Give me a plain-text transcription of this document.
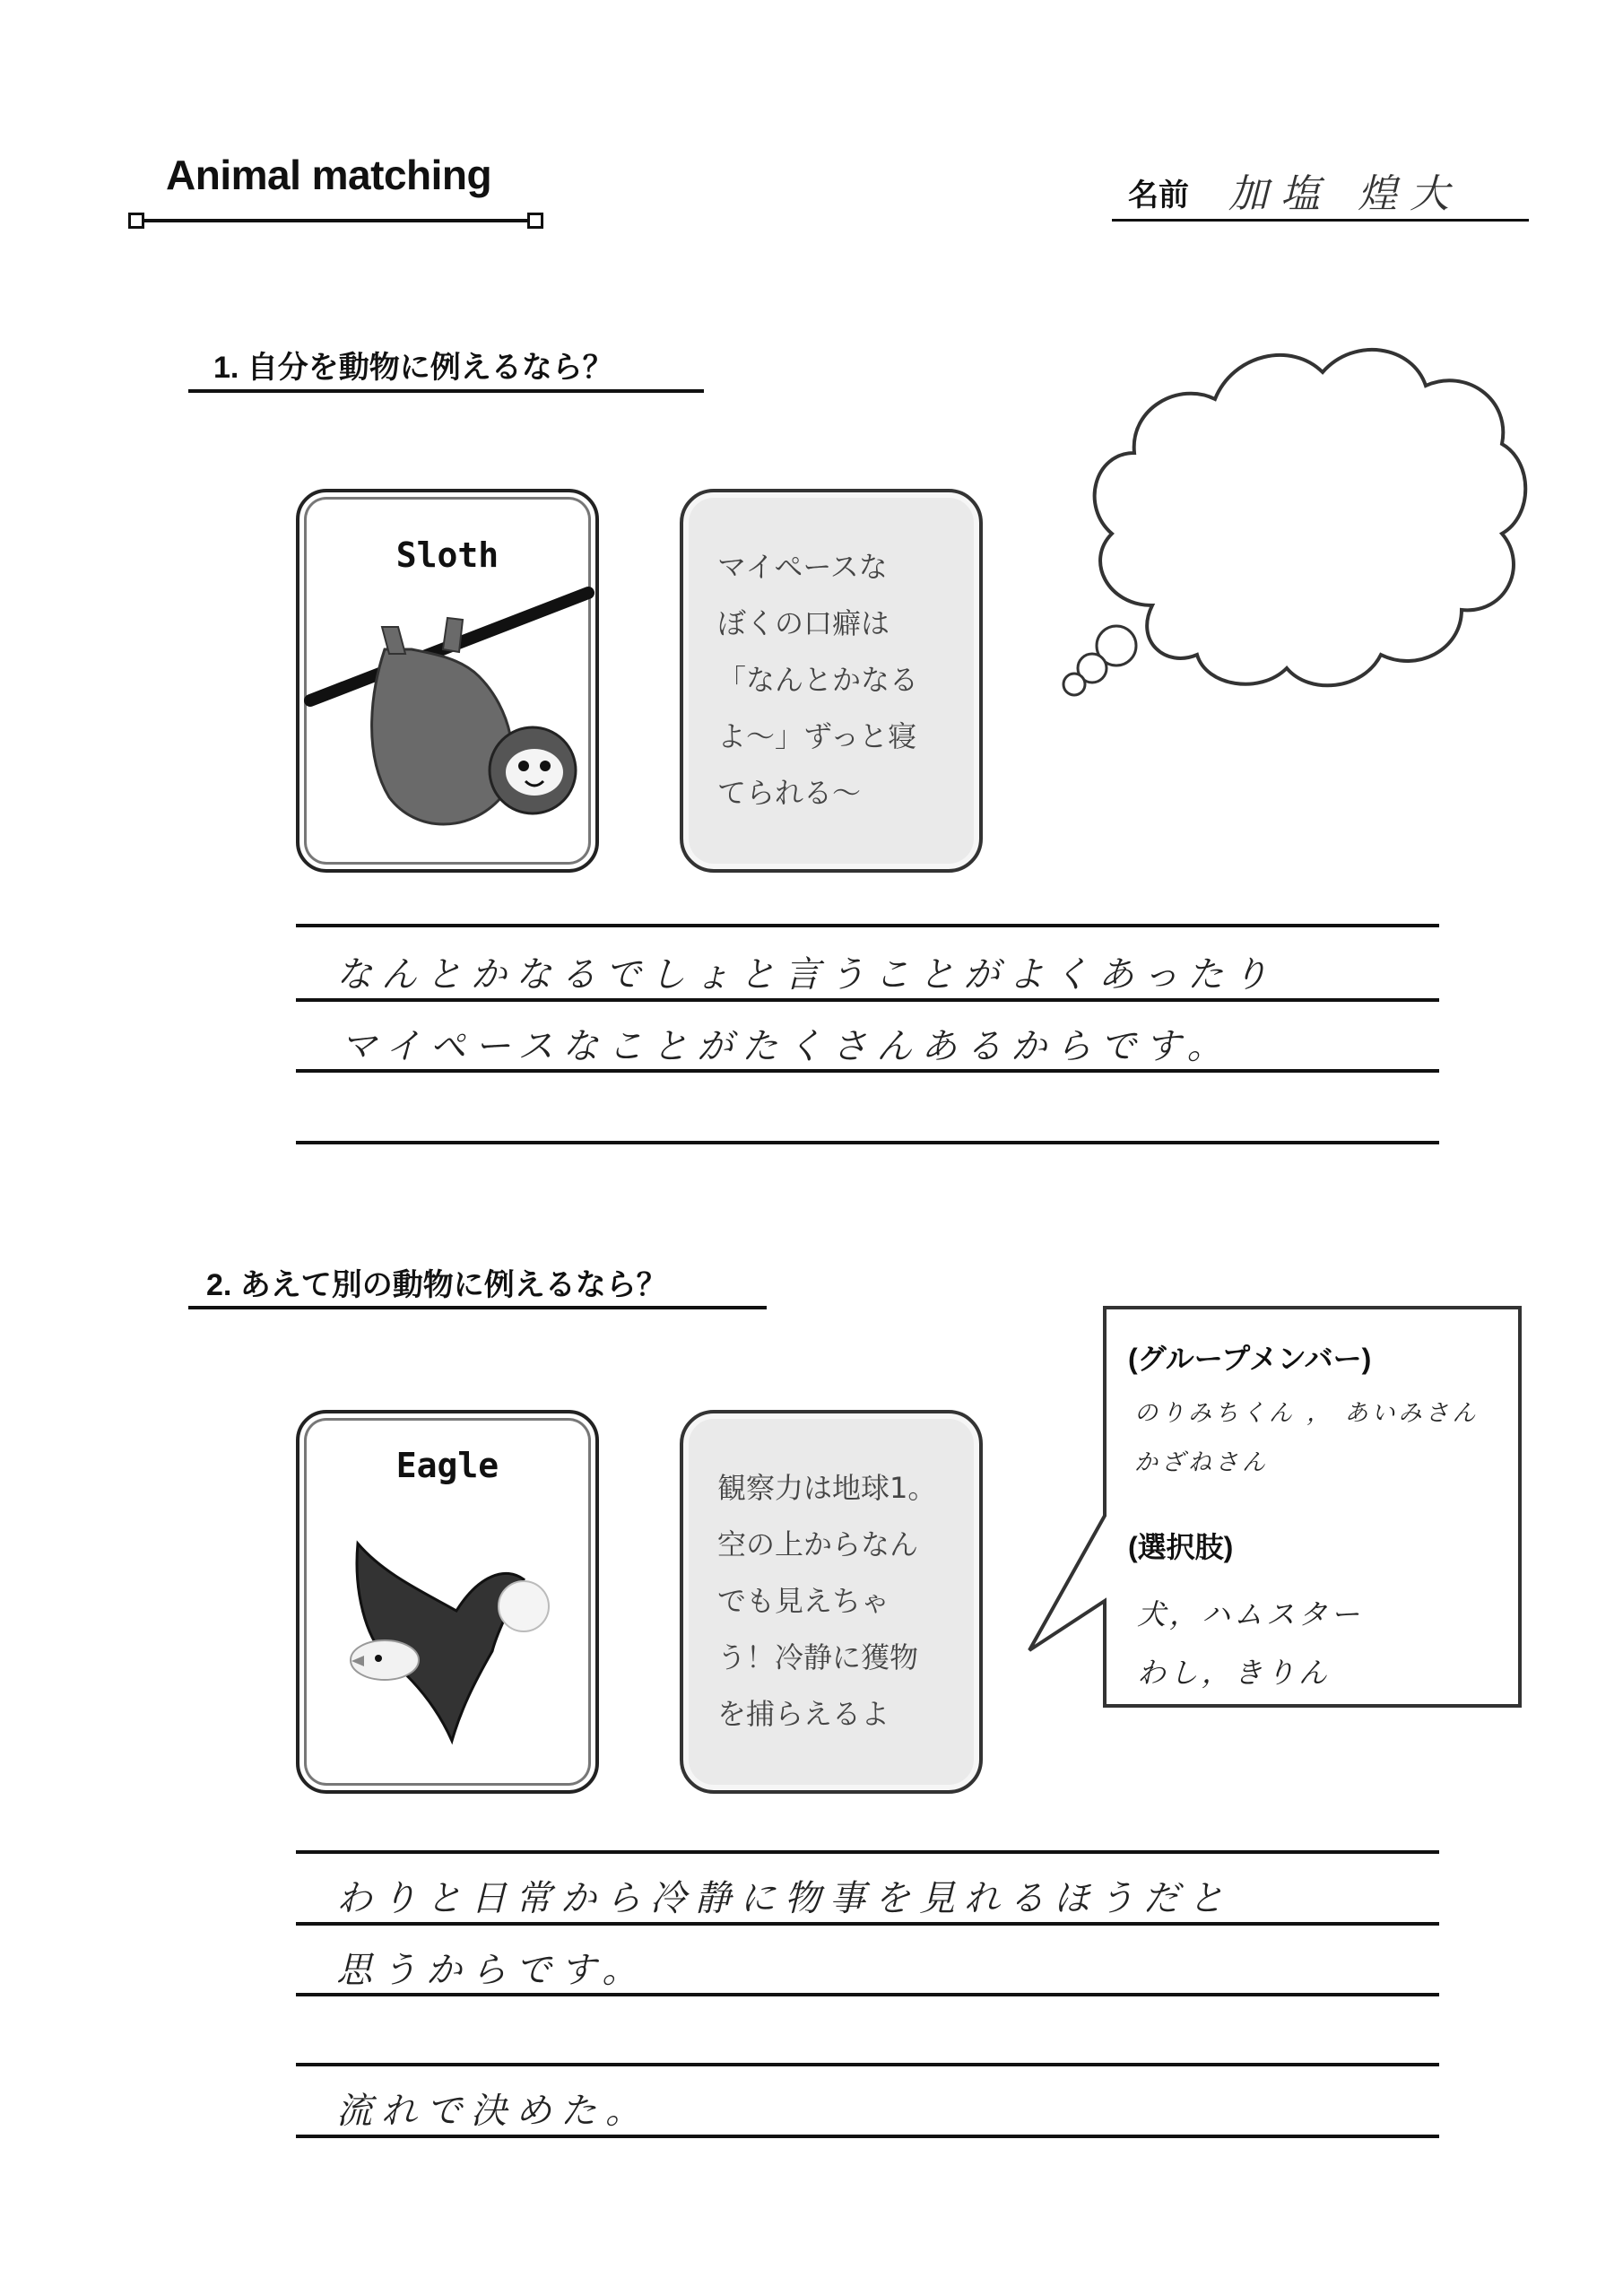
Animal matching	名前 加塩 煌大
1. 自分を動物に例えるなら？
Sloth	マイペースな
ぼくの口癖は
「なんとかなる
よ〜」ずっと寝
てられる〜
なんとかなるでしょと言うことがよくあったり
マイペースなことがたくさんあるからです。
2. あえて別の動物に例えるなら？
Eagle
観察力は地球1。
空の上からなん
でも見えちゃ
う！冷静に獲物
を捕らえるよ
(グループメンバー)
のりみちくん ， あいみさん
かざねさん
(選択肢)
犬，ハムスター
わし，きりん
わりと日常から冷静に物事を見れるほうだと
思うからです。
流れで決めた。
